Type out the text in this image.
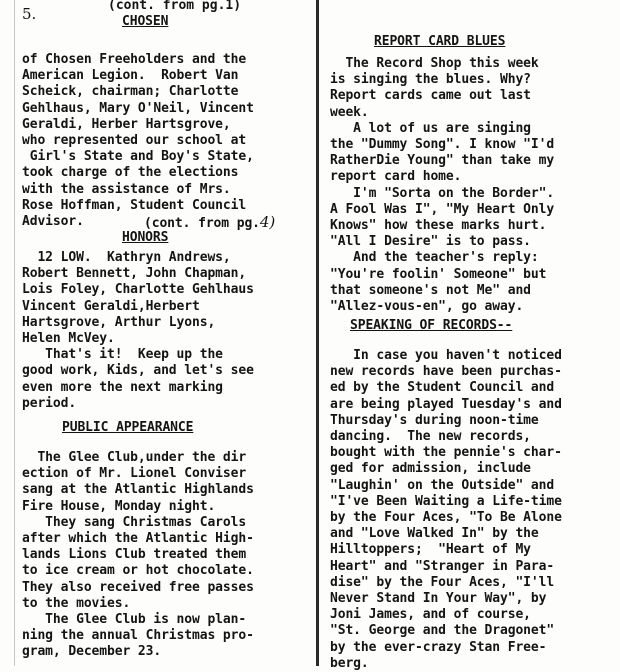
5.	(cont. from pg.1)
CHOSEN
of Chosen Freeholders and the
American Legion.  Robert Van
Scheick, chairman; Charlotte
Gehlhaus, Mary O'Neil, Vincent
Geraldi, Herber Hartsgrove,
who represented our school at
Girl's State and Boy's State,
took charge of the elections
with the assistance of Mrs.
Rose Hoffman, Student Council
Advisor.	(cont. from pg.4)
HONORS
12 LOW.  Kathryn Andrews,
Robert Bennett, John Chapman,
Lois Foley, Charlotte Gehlhaus
Vincent Geraldi,Herbert
Hartsgrove, Arthur Lyons,
Helen McVey.
That's it!  Keep up the
good work, Kids, and let's see
even more the next marking
period.
PUBLIC APPEARANCE
The Glee Club,under the dir
ection of Mr. Lionel Conviser
sang at the Atlantic Highlands
Fire House, Monday night.
They sang Christmas Carols
after which the Atlantic High-
lands Lions Club treated them
to ice cream or hot chocolate.
They also received free passes
to the movies.
The Glee Club is now plan-
ning the annual Christmas pro-
gram, December 23.
REPORT CARD BLUES
The Record Shop this week
is singing the blues. Why?
Report cards came out last
week.
A lot of us are singing
the "Dummy Song". I know "I'd
RatherDie Young" than take my
report card home.
I'm "Sorta on the Border".
A Fool Was I", "My Heart Only
Knows" how these marks hurt.
"All I Desire" is to pass.
And the teacher's reply:
"You're foolin' Someone" but
that someone's not Me" and
"Allez-vous-en", go away.
SPEAKING OF RECORDS--
In case you haven't noticed
new records have been purchas-
ed by the Student Council and
are being played Tuesday's and
Thursday's during noon-time
dancing.  The new records,
bought with the pennie's char-
ged for admission, include
"Laughin' on the Outside" and
"I've Been Waiting a Life-time
by the Four Aces, "To Be Alone
and "Love Walked In" by the
Hilltoppers;  "Heart of My
Heart" and "Stranger in Para-
dise" by the Four Aces, "I'll
Never Stand In Your Way", by
Joni James, and of course,
"St. George and the Dragonet"
by the ever-crazy Stan Free-
berg.
